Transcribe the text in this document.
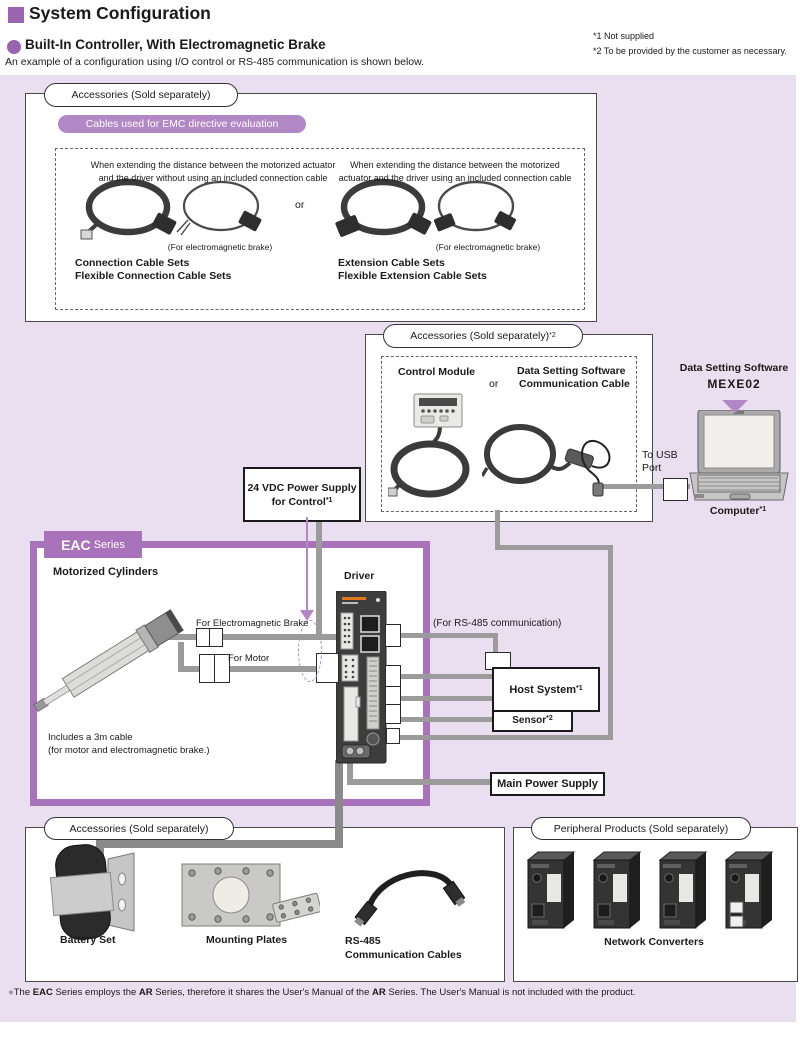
System Configuration
Built-In Controller, With Electromagnetic Brake
An example of a configuration using I/O control or RS-485 communication is shown below.
*1 Not supplied
*2 To be provided by the customer as necessary.
Accessories (Sold separately)
Cables used for EMC directive evaluation
When extending the distance between the motorized actuator
and the driver without using an included connection cable
When extending the distance between the motorized
actuator and the driver using an included connection cable
or
(For electromagnetic brake)	(For electromagnetic brake)
Connection Cable Sets
Flexible Connection Cable Sets
Extension Cable Sets
Flexible Extension Cable Sets
Accessories (Sold separately) *2
Control Module
or
Data Setting Software
Communication Cable
Data Setting Software
MEXE02
Computer$^{*1}$
To USB
Port
24 VDC Power Supply
for Control$^{*1}$
EAC Series
Motorized Cylinders	Driver
For Electromagnetic Brake
For Motor
Includes a 3m cable
(for motor and electromagnetic brake.)
(For RS-485 communication)
Host System$^{*1}$
Sensor$^{*2}$
Main Power Supply
Accessories (Sold separately)
Battery Set	Mounting Plates	RS-485
Communication Cables
Peripheral Products (Sold separately)
Network Converters
●The EAC Series employs the AR Series, therefore it shares the User's Manual of the AR Series. The User's Manual is not included with the product.
